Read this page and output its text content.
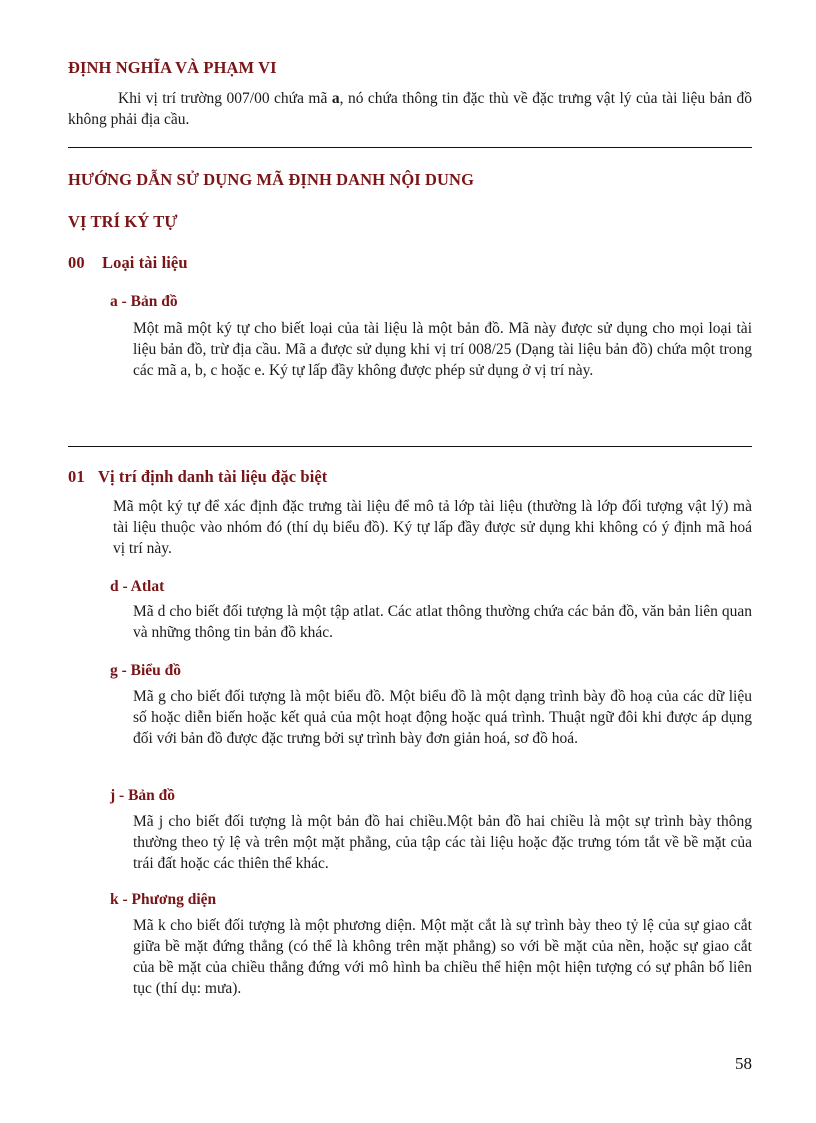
ĐỊNH NGHĨA VÀ PHẠM VI
Khi vị trí trường 007/00 chứa mã a, nó chứa thông tin đặc thù về đặc trưng vật lý của tài liệu bản đồ không phải địa cầu.
HƯỚNG DẪN SỬ DỤNG MÃ ĐỊNH DANH NỘI DUNG
VỊ TRÍ KÝ TỰ
00 Loại tài liệu
a - Bản đồ
Một mã một ký tự cho biết loại của tài liệu là một bản đồ. Mã này được sử dụng cho mọi loại tài liệu bản đồ, trừ địa cầu. Mã a được sử dụng khi vị trí 008/25 (Dạng tài liệu bản đồ) chứa một trong các mã a, b, c hoặc e. Ký tự lấp đầy không được phép sử dụng ở vị trí này.
01 Vị trí định danh tài liệu đặc biệt
Mã một ký tự để xác định đặc trưng tài liệu để mô tả lớp tài liệu (thường là lớp đối tượng vật lý) mà tài liệu thuộc vào nhóm đó (thí dụ biểu đồ). Ký tự lấp đầy được sử dụng khi không có ý định mã hoá vị trí này.
d - Atlat
Mã d cho biết đối tượng là một tập atlat. Các atlat thông thường chứa các bản đồ, văn bản liên quan và những thông tin bản đồ khác.
g - Biểu đồ
Mã g cho biết đối tượng là một biểu đồ. Một biểu đồ là một dạng trình bày đồ hoạ của các dữ liệu số hoặc diễn biến hoặc kết quả của một hoạt động hoặc quá trình. Thuật ngữ đôi khi được áp dụng đối với bản đồ được đặc trưng bởi sự trình bày đơn giản hoá, sơ đồ hoá.
j - Bản đồ
Mã j cho biết đối tượng là một bản đồ hai chiều.Một bản đồ hai chiều là một sự trình bày thông thường theo tỷ lệ và trên một mặt phẳng, của tập các tài liệu hoặc đặc trưng tóm tắt về bề mặt của trái đất hoặc các thiên thể khác.
k - Phương diện
Mã k cho biết đối tượng là một phương diện. Một mặt cắt là sự trình bày theo tỷ lệ của sự giao cắt giữa bề mặt đứng thẳng (có thể là không trên mặt phẳng) so với bề mặt của nền, hoặc sự giao cắt của bề mặt của chiều thẳng đứng với mô hình ba chiều thể hiện một hiện tượng có sự phân bố liên tục (thí dụ: mưa).
58
